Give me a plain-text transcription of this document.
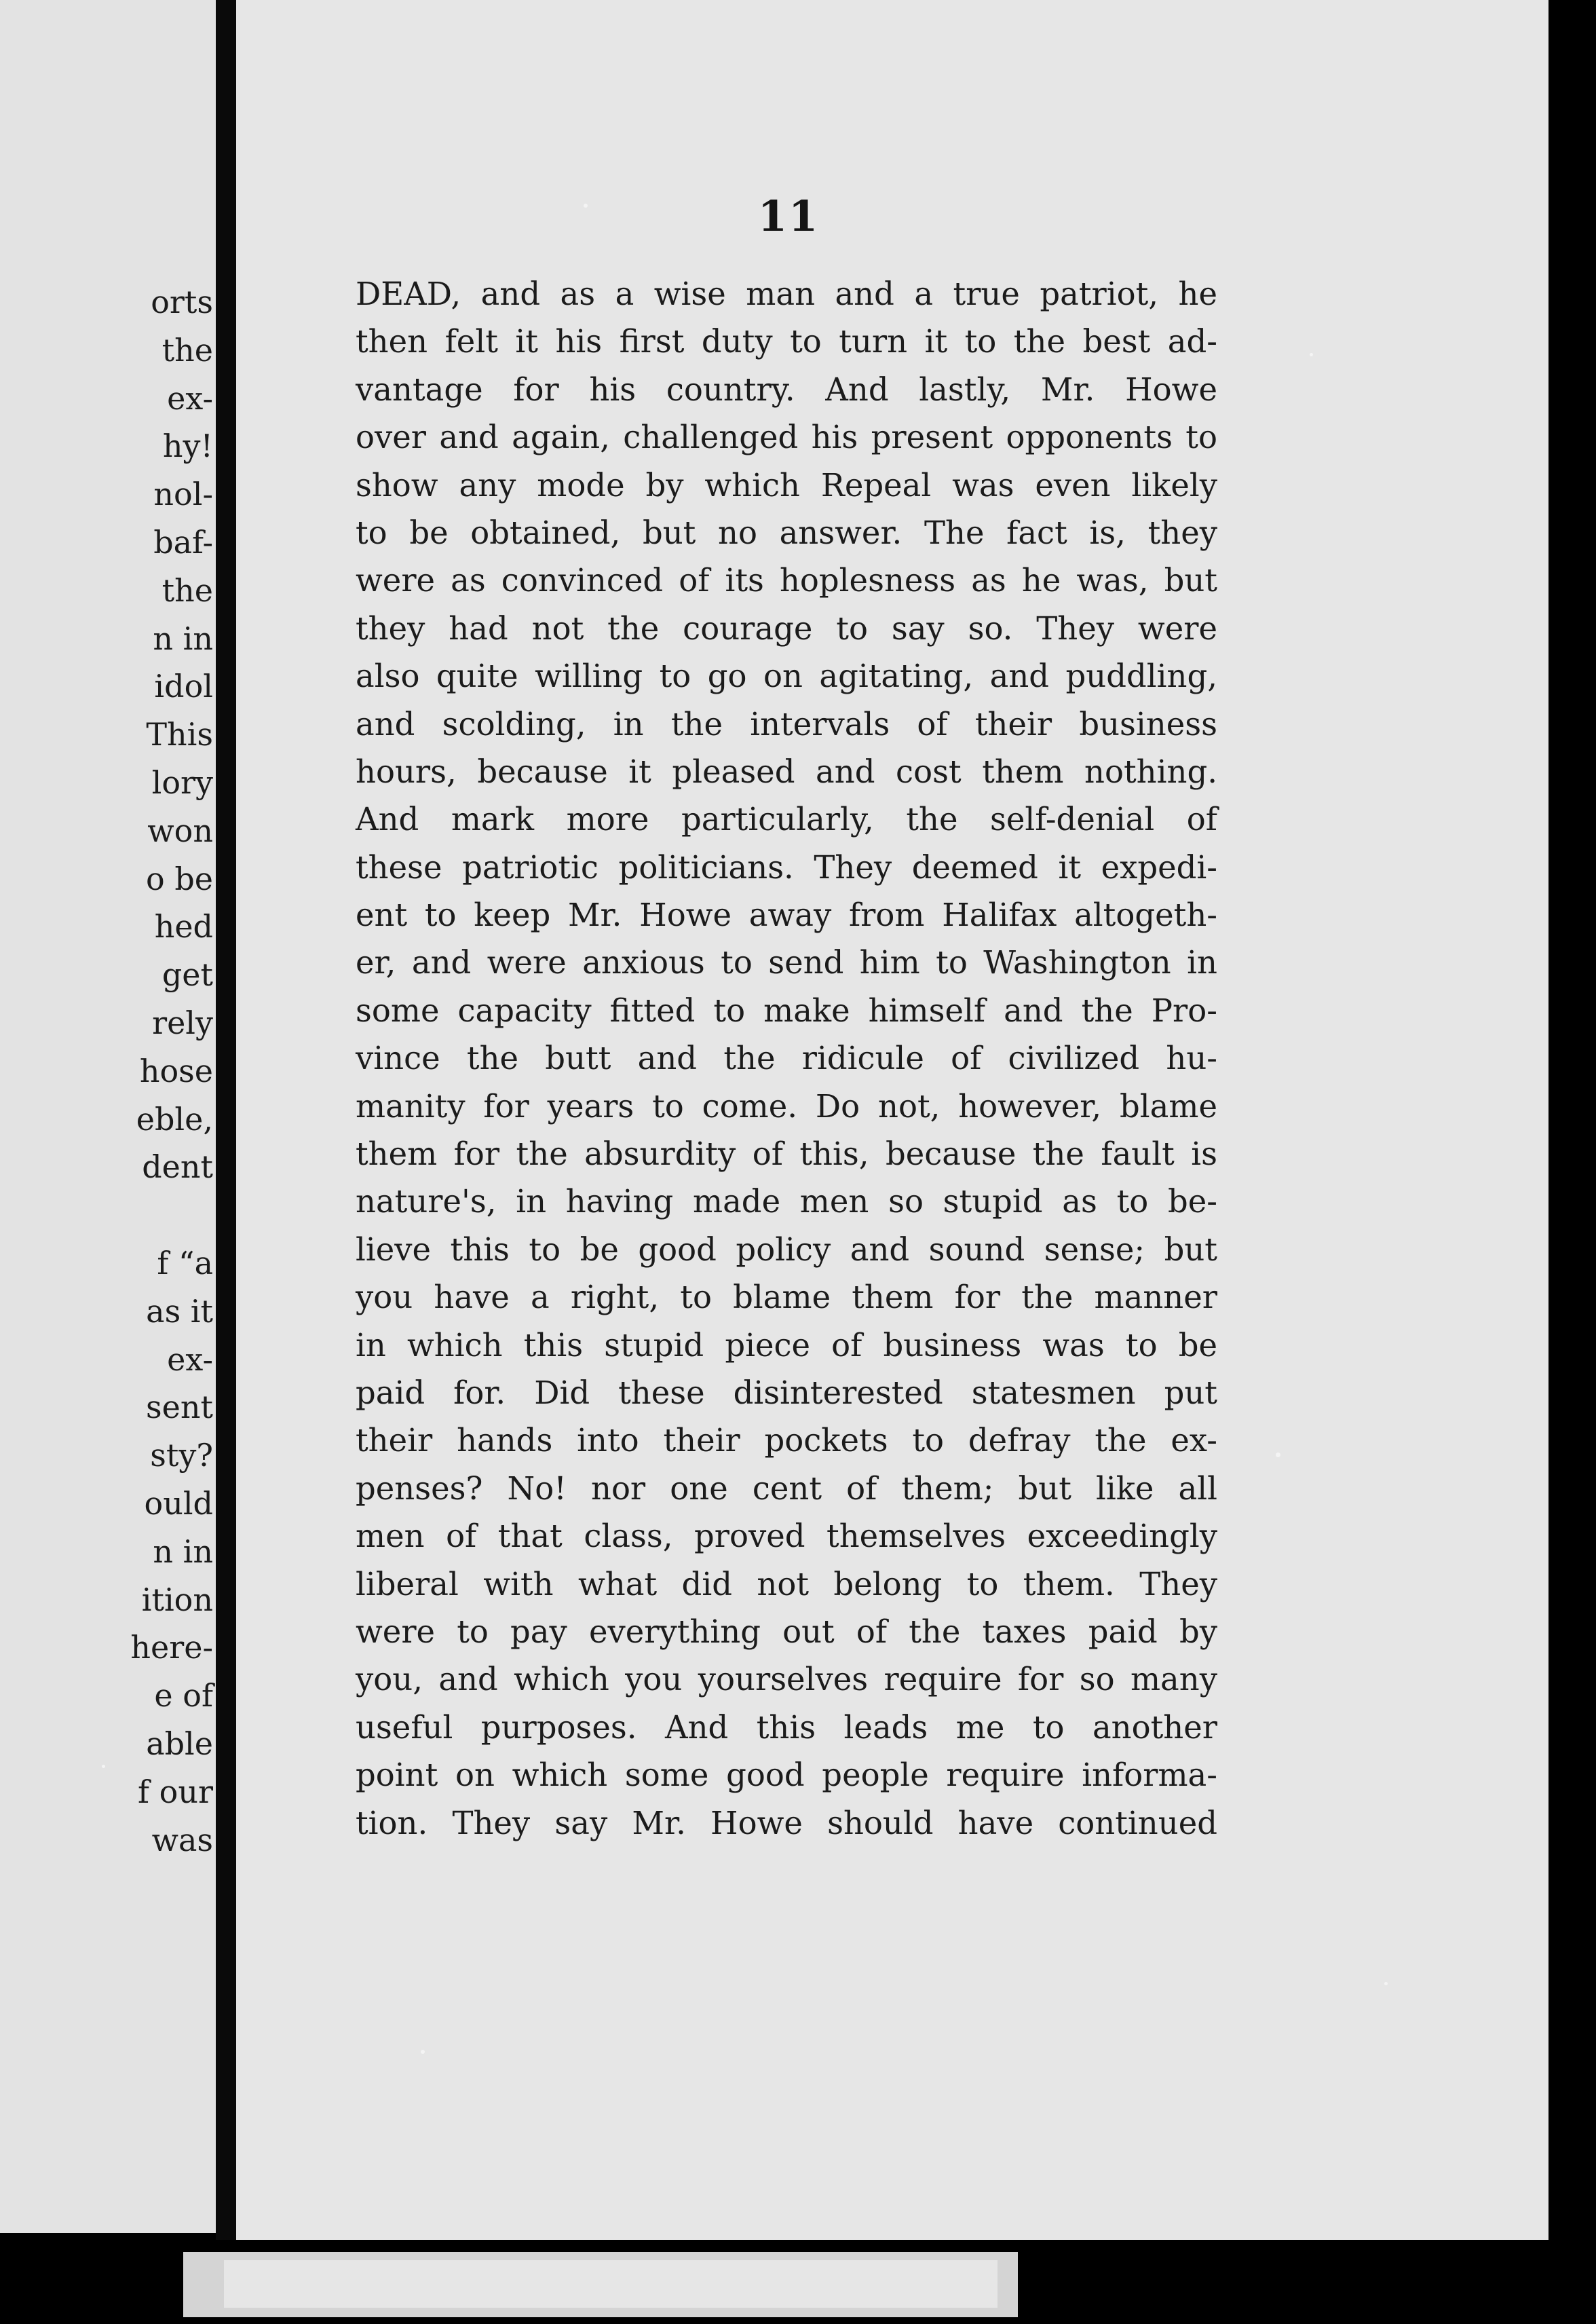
orts
the
ex-
hy!
nol-
baf-
the
n in
idol
This
lory
won
o be
hed
get
rely
hose
eble,
dent
f “a
as it
ex-
sent
sty?
ould
n in
ition
here-
e of
able
f our
was
11
DEAD, and as a wise man and a true patriot, he
then felt it his first duty to turn it to the best ad-
vantage for his country. And lastly, Mr. Howe
over and again, challenged his present opponents to
show any mode by which Repeal was even likely
to be obtained, but no answer. The fact is, they
were as convinced of its hoplesness as he was, but
they had not the courage to say so. They were
also quite willing to go on agitating, and puddling,
and scolding, in the intervals of their business
hours, because it pleased and cost them nothing.
And mark more particularly, the self-denial of
these patriotic politicians. They deemed it expedi-
ent to keep Mr. Howe away from Halifax altogeth-
er, and were anxious to send him to Washington in
some capacity fitted to make himself and the Pro-
vince the butt and the ridicule of civilized hu-
manity for years to come. Do not, however, blame
them for the absurdity of this, because the fault is
nature's, in having made men so stupid as to be-
lieve this to be good policy and sound sense; but
you have a right, to blame them for the manner
in which this stupid piece of business was to be
paid for. Did these disinterested statesmen put
their hands into their pockets to defray the ex-
penses? No! nor one cent of them; but like all
men of that class, proved themselves exceedingly
liberal with what did not belong to them. They
were to pay everything out of the taxes paid by
you, and which you yourselves require for so many
useful purposes. And this leads me to another
point on which some good people require informa-
tion. They say Mr. Howe should have continued
